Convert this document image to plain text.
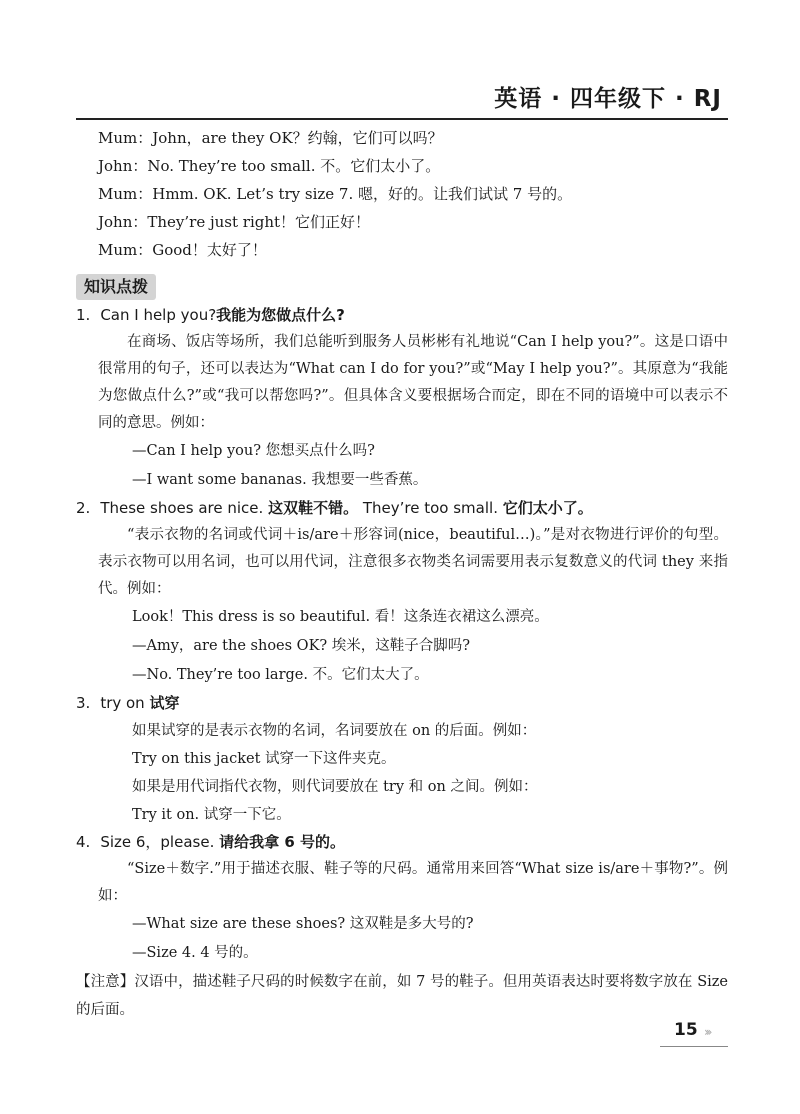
英语 · 四年级下 · RJ
Mum：John，are they OK？约翰，它们可以吗？
John：No. They’re too small. 不。它们太小了。
Mum：Hmm. OK. Let’s try size 7. 嗯，好的。让我们试试 7 号的。
John：They’re just right！它们正好！
Mum：Good！太好了！
知识点拨
1. Can I help you?我能为您做点什么?
在商场、饭店等场所，我们总能听到服务人员彬彬有礼地说“Can I help you?”。这是口语中很常用的句子，还可以表达为“What can I do for you?”或“May I help you?”。其原意为“我能为您做点什么?”或“我可以帮您吗?”。但具体含义要根据场合而定，即在不同的语境中可以表示不同的意思。例如：
—Can I help you? 您想买点什么吗?
—I want some bananas. 我想要一些香蕉。
2. These shoes are nice. 这双鞋不错。 They’re too small. 它们太小了。
“表示衣物的名词或代词＋is/are＋形容词(nice，beautiful…)。”是对衣物进行评价的句型。表示衣物可以用名词，也可以用代词，注意很多衣物类名词需要用表示复数意义的代词 they 来指代。例如：
Look！This dress is so beautiful. 看！这条连衣裙这么漂亮。
—Amy，are the shoes OK? 埃米，这鞋子合脚吗?
—No. They’re too large. 不。它们太大了。
3. try on 试穿
如果试穿的是表示衣物的名词，名词要放在 on 的后面。例如：
Try on this jacket 试穿一下这件夹克。
如果是用代词指代衣物，则代词要放在 try 和 on 之间。例如：
Try it on. 试穿一下它。
4. Size 6，please. 请给我拿 6 号的。
“Size＋数字.”用于描述衣服、鞋子等的尺码。通常用来回答“What size is/are＋事物?”。例如：
—What size are these shoes? 这双鞋是多大号的?
—Size 4. 4 号的。
【注意】汉语中，描述鞋子尺码的时候数字在前，如 7 号的鞋子。但用英语表达时要将数字放在 Size 的后面。
15 ›››
